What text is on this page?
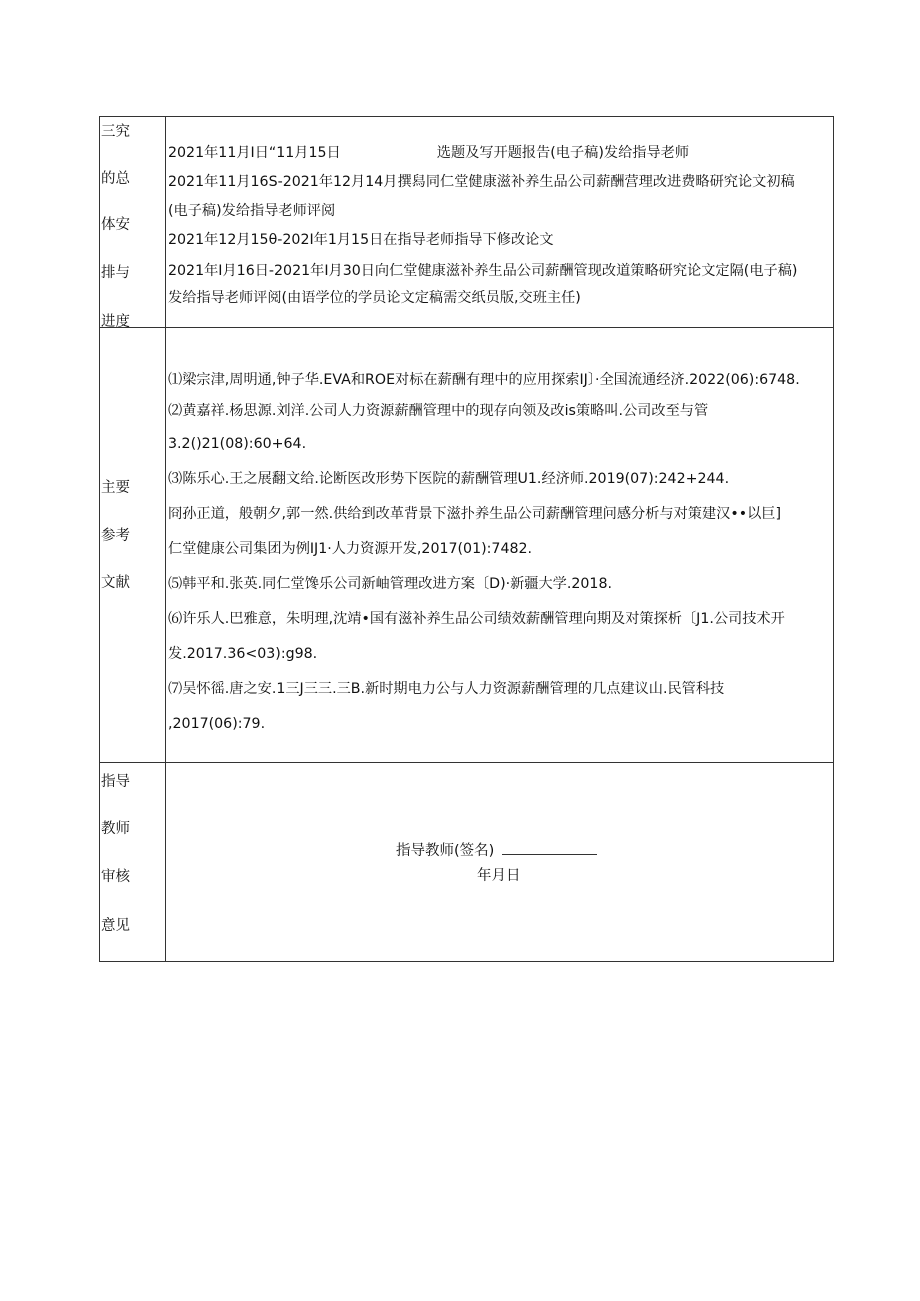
三究
的总
体安
排与
进度
2021年11月I日“11月15日	选题及写开题报告(电子稿)发给指导老师
2021年11月16S-2021年12月14月撰舄同仁堂健康滋补养生品公司薪酬营理改进费略研究论文初稿
(电子稿)发给指导老师评阅
2021年12月15θ-202I年1月15日在指导老师指导下修改论文
2021年I月16日-2021年I月30日向仁堂健康滋补养生品公司薪酬管现改道策略研究论文定隔(电子稿)
发给指导老师评阅(由语学位的学员论文定稿需交纸员版,交班主任)
主要
参考
文献
⑴梁宗津,周明通,钟子华.EVA和ROE对标在薪酬有理中的应用探索IJ〕·全国流通经济.2022(06):6748.
⑵黄嘉祥.杨思源.刘洋.公司人力资源薪酬管理中的现存向领及改is策略叫.公司改至与管
3.2()21(08):60+64.
⑶陈乐心.王之展翻文给.论断医改形势下医院的薪酬管理U1.经济师.2019(07):242+244.
冏孙正道，般朝夕,郭一然.供给到改革背景下滋扑养生品公司薪酬管理问感分析与对策建汉••以巨]
仁堂健康公司集团为例IJ1·人力资源开发,2017(01):7482.
⑸韩平和.张英.同仁堂馋乐公司新岫管理改进方案〔D)·新疆大学.2018.
⑹许乐人.巴雅意，朱明理,沈靖•国有滋补养生品公司绩效薪酬管理向期及对策探析〔J1.公司技术开
发.2017.36<03):g98.
⑺吴怀徭.唐之安.1三J三三.三B.新时期电力公与人力资源薪酬管理的几点建议山.民管科技
,2017(06):79.
指导
教师
审核
意见
指导教师(签名)
年月日
